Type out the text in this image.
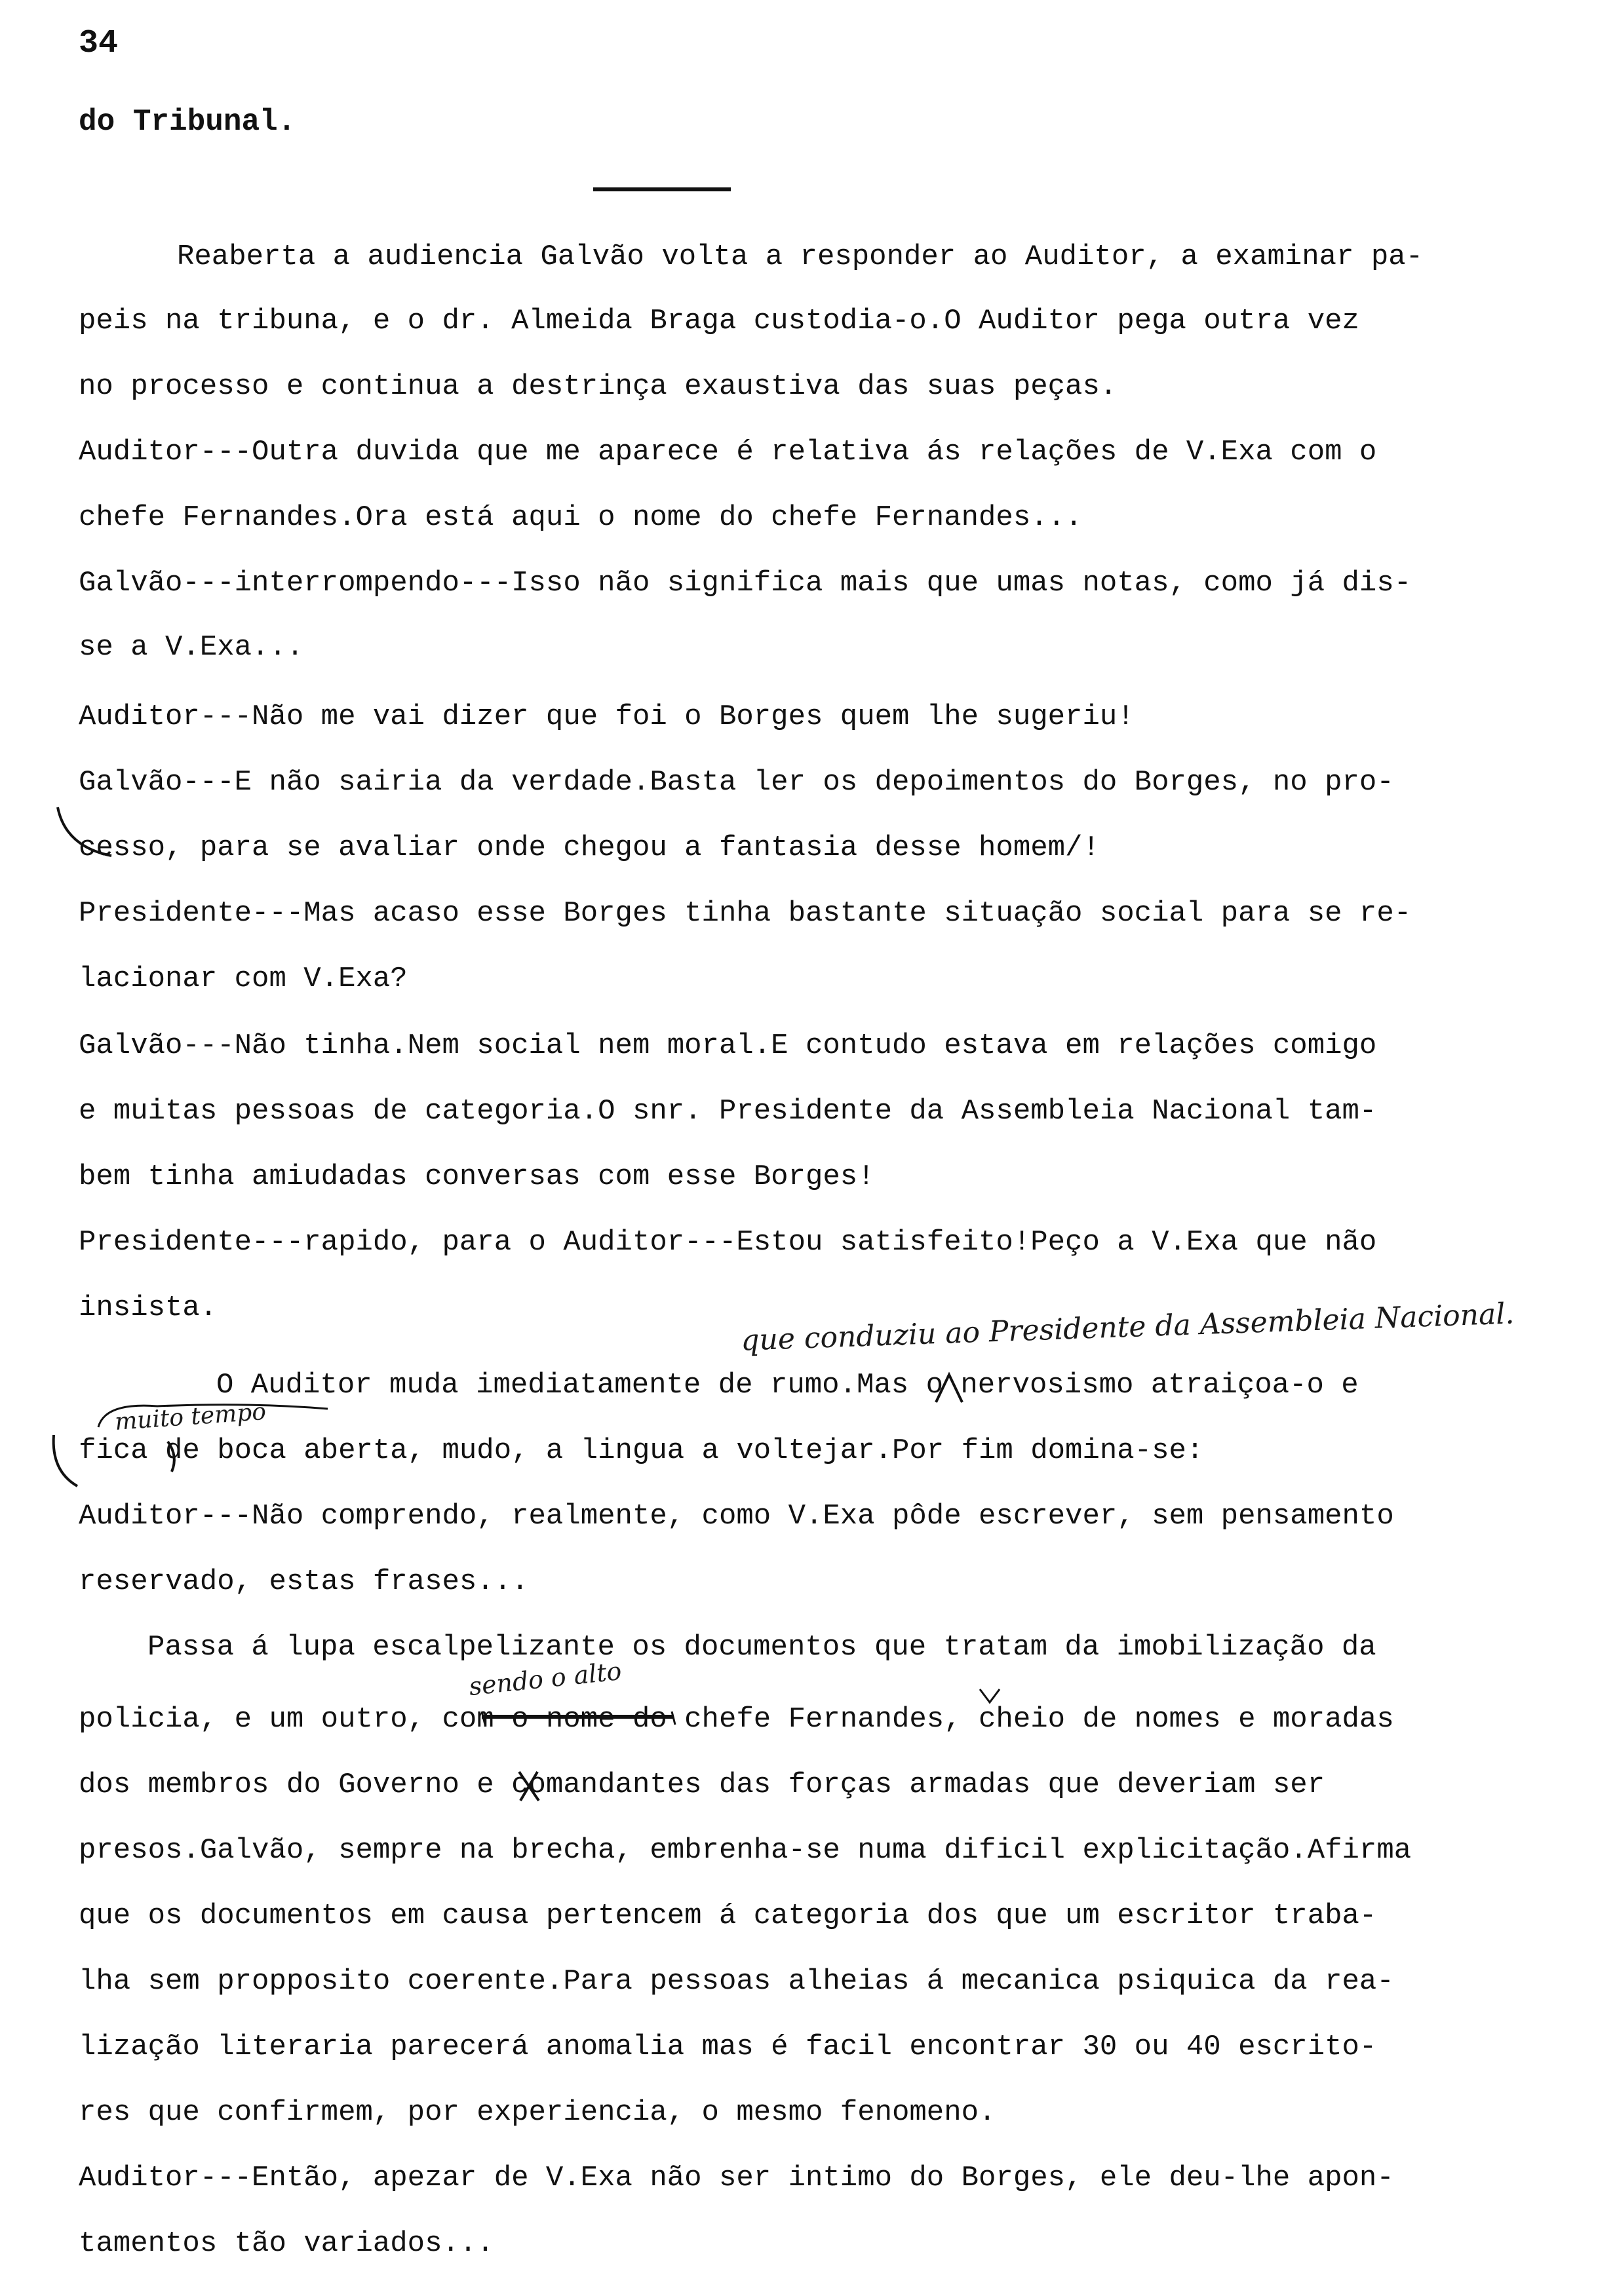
34
do Tribunal.
Reaberta a audiencia Galvão volta a responder ao Auditor, a examinar pa-
peis na tribuna, e o dr. Almeida Braga custodia-o.O Auditor pega outra vez
no processo e continua a destrinça exaustiva das suas peças.
Auditor---Outra duvida que me aparece é relativa ás relações de V.Exa com o
chefe Fernandes.Ora está aqui o nome do chefe Fernandes...
Galvão---interrompendo---Isso não significa mais que umas notas, como já dis-
se a V.Exa...
Auditor---Não me vai dizer que foi o Borges quem lhe sugeriu!
Galvão---E não sairia da verdade.Basta ler os depoimentos do Borges, no pro-
cesso, para se avaliar onde chegou a fantasia desse homem/!
Presidente---Mas acaso esse Borges tinha bastante situação social para se re-
lacionar com V.Exa?
Galvão---Não tinha.Nem social nem moral.E contudo estava em relações comigo
e muitas pessoas de categoria.O snr. Presidente da Assembleia Nacional tam-
bem tinha amiudadas conversas com esse Borges!
Presidente---rapido, para o Auditor---Estou satisfeito!Peço a V.Exa que não
insista.
O Auditor muda imediatamente de rumo.Mas o nervosismo atraiçoa-o e
fica de boca aberta, mudo, a lingua a voltejar.Por fim domina-se:
Auditor---Não comprendo, realmente, como V.Exa pôde escrever, sem pensamento
reservado, estas frases...
Passa á lupa escalpelizante os documentos que tratam da imobilização da
policia, e um outro, com o nome do chefe Fernandes, cheio de nomes e moradas
dos membros do Governo e comandantes das forças armadas que deveriam ser
presos.Galvão, sempre na brecha, embrenha-se numa dificil explicitação.Afirma
que os documentos em causa pertencem á categoria dos que um escritor traba-
lha sem propposito coerente.Para pessoas alheias á mecanica psiquica da rea-
lização literaria parecerá anomalia mas é facil encontrar 30 ou 40 escrito-
res que confirmem, por experiencia, o mesmo fenomeno.
Auditor---Então, apezar de V.Exa não ser intimo do Borges, ele deu-lhe apon-
tamentos tão variados...
que conduziu ao Presidente da Assembleia Nacional.
muito tempo
sendo o alto
